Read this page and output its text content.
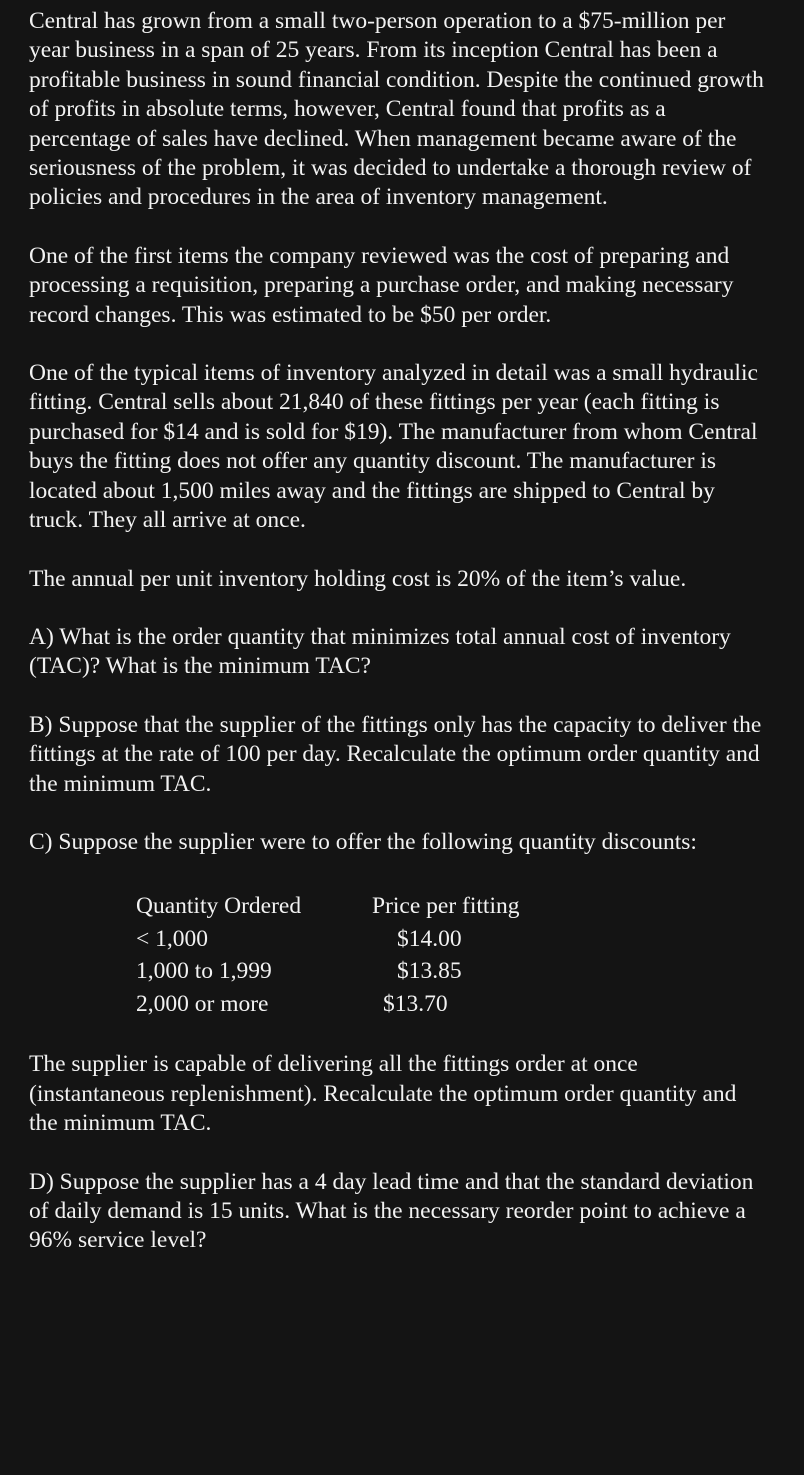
Central has grown from a small two-person operation to a $75-million per year business in a span of 25 years. From its inception Central has been a profitable business in sound financial condition. Despite the continued growth of profits in absolute terms, however, Central found that profits as a percentage of sales have declined. When management became aware of the seriousness of the problem, it was decided to undertake a thorough review of policies and procedures in the area of inventory management.

One of the first items the company reviewed was the cost of preparing and processing a requisition, preparing a purchase order, and making necessary record changes. This was estimated to be $50 per order.

One of the typical items of inventory analyzed in detail was a small hydraulic fitting. Central sells about 21,840 of these fittings per year (each fitting is purchased for $14 and is sold for $19). The manufacturer from whom Central buys the fitting does not offer any quantity discount. The manufacturer is located about 1,500 miles away and the fittings are shipped to Central by truck. They all arrive at once.

The annual per unit inventory holding cost is 20% of the item’s value.

A) What is the order quantity that minimizes total annual cost of inventory (TAC)? What is the minimum TAC?

B) Suppose that the supplier of the fittings only has the capacity to deliver the fittings at the rate of 100 per day. Recalculate the optimum order quantity and the minimum TAC.

C) Suppose the supplier were to offer the following quantity discounts:

Quantity Ordered	Price per fitting
< 1,000	$14.00
1,000 to 1,999	$13.85
2,000 or more	$13.70

The supplier is capable of delivering all the fittings order at once (instantaneous replenishment). Recalculate the optimum order quantity and the minimum TAC.

D) Suppose the supplier has a 4 day lead time and that the standard deviation of daily demand is 15 units. What is the necessary reorder point to achieve a 96% service level?
